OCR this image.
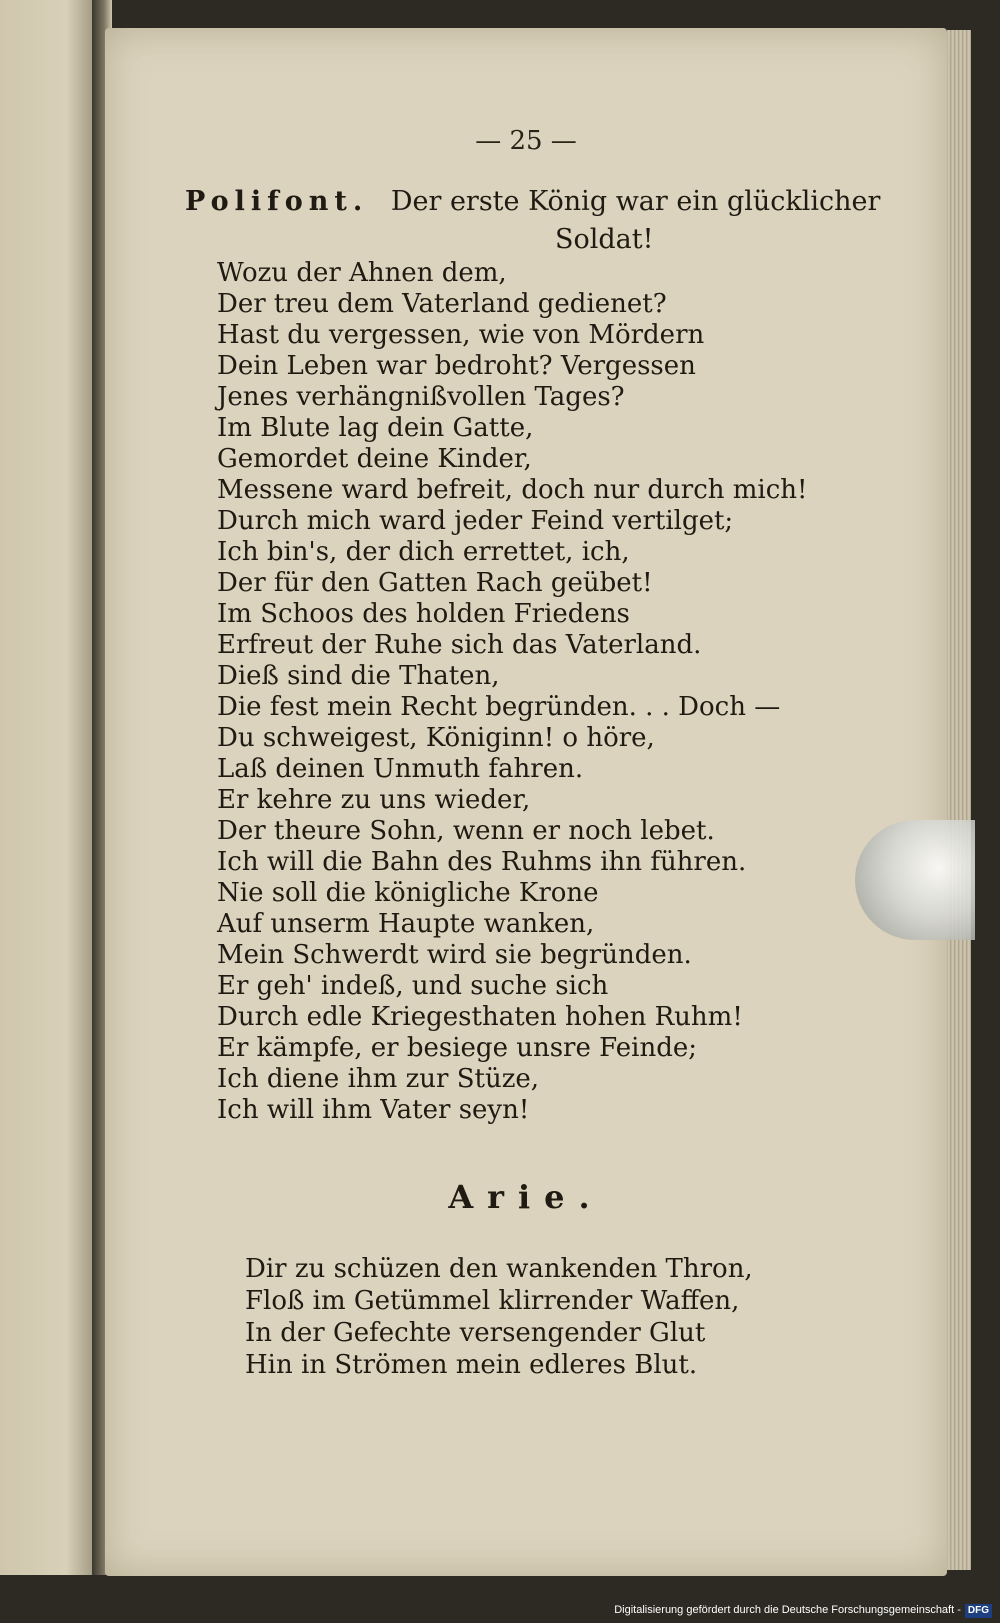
— 25 —
Polifont. Der erste König war ein glücklicher
Soldat!
Wozu der Ahnen dem,
Der treu dem Vaterland gedienet?
Hast du vergessen, wie von Mördern
Dein Leben war bedroht? Vergessen
Jenes verhängnißvollen Tages?
Im Blute lag dein Gatte,
Gemordet deine Kinder,
Messene ward befreit, doch nur durch mich!
Durch mich ward jeder Feind vertilget;
Ich bin's, der dich errettet, ich,
Der für den Gatten Rach geübet!
Im Schoos des holden Friedens
Erfreut der Ruhe sich das Vaterland.
Dieß sind die Thaten,
Die fest mein Recht begründen. . . Doch —
Du schweigest, Königinn! o höre,
Laß deinen Unmuth fahren.
Er kehre zu uns wieder,
Der theure Sohn, wenn er noch lebet.
Ich will die Bahn des Ruhms ihn führen.
Nie soll die königliche Krone
Auf unserm Haupte wanken,
Mein Schwerdt wird sie begründen.
Er geh' indeß, und suche sich
Durch edle Kriegesthaten hohen Ruhm!
Er kämpfe, er besiege unsre Feinde;
Ich diene ihm zur Stüze,
Ich will ihm Vater seyn!
Arie.
Dir zu schüzen den wankenden Thron,
Floß im Getümmel klirrender Waffen,
In der Gefechte versengender Glut
Hin in Strömen mein edleres Blut.
Digitalisierung gefördert durch die Deutsche Forschungsgemeinschaft - DFG
